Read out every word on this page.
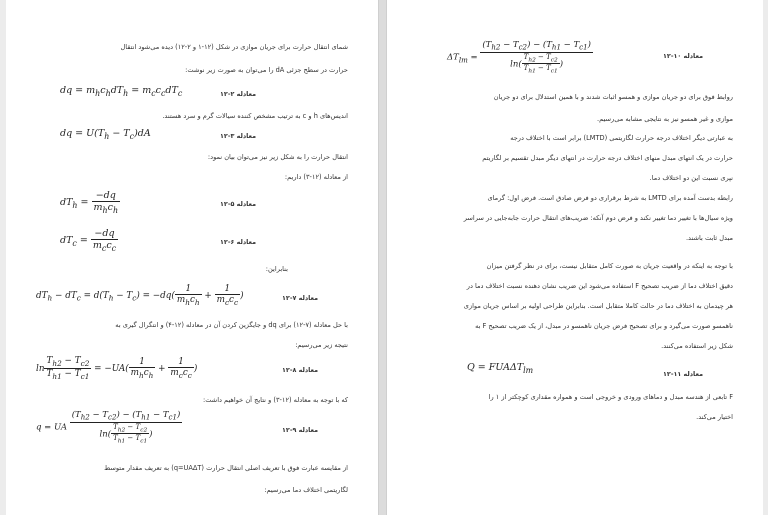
شمای انتقال حرارت برای جریان موازی در شکل (۱۲-۱ و ۲-۱۲) دیده می‌شود انتقال
حرارت در سطح جزئی dA را می‌توان به صورت زیر نوشت:
dq = $m_hc_hdT_h = m_cc_cdT_c$	معادله ۲-۱۲
اندیس‌های h و c به ترتیب مشخص کننده سیالات گرم و سرد هستند.
dq = $U(T_h - T_c)dA$	معادله ۳-۱۲
انتقال حرارت را به شکل زیر نیز می‌توان بیان نمود:
از معادله (۱۲-۳) داریم:
$dT_h = \frac{-dq}{m_hc_h}$	معادله ۵-۱۲
$dT_c = \frac{-dq}{m_cc_c}$	معادله ۶-۱۲
بنابراین:
$dT_h - dT_c = d(T_h - T_c) = -dq( \frac{1}{m_hc_h} + \frac{1}{m_cc_c}$ )	معادله ۷-۱۲
با حل معادله (۷-۱۲) برای dq و جایگزین کردن آن در معادله (۱۲-۴) و انتگرال گیری به
نتیجه زیر می‌رسیم:
$\ln \frac{T_{h2} - T_{c2}}{T_{h1} - T_{c1}} = -UA( \frac{1}{m_hc_h} + \frac{1}{m_cc_c}$ )	معادله ۸-۱۲
که با توجه به معادله (۱۲-۳) و نتایج آن خواهیم داشت:
q = UA $\frac{(T_{h2} - T_{c2}) - (T_{h1} - T_{c1})}{\ln( \frac{T_{h2} - T_{c2}}{T_{h1} - T_{c1}} )}$	معادله ۹-۱۲
از مقایسه عبارت فوق با تعریف اصلی انتقال حرارت (q=UAΔT) به تعریف مقدار متوسط
لگاریتمی اختلاف دما می‌رسیم:
$\Delta T_{lm} = \frac{(T_{h2} - T_{c2}) - (T_{h1} - T_{c1})}{\ln( \frac{T_{h2} - T_{c2}}{T_{h1} - T_{c1}} )}$	معادله ۱۰-۱۲
روابط فوق برای دو جریان موازی و همسو اثبات شدند و با همین استدلال برای دو جریان
موازی و غیر همسو نیز به نتایجی مشابه می‌رسیم.
به عبارتی دیگر اختلاف درجه حرارت لگاریتمی (LMTD) برابر است با اختلاف درجه
حرارت در یک انتهای مبدل منهای اختلاف درجه حرارت در انتهای دیگر مبدل تقسیم بر لگاریتم
نپری نسبت این دو اختلاف دما.
رابطه بدست آمده برای LMTD به شرط برقراری دو فرض صادق است. فرض اول: گرمای
ویژه سیال‌ها با تغییر دما تغییر نکند و فرض دوم آنکه: ضریب‌های انتقال حرارت جابه‌جایی در سراسر
مبدل ثابت باشند.
با توجه به اینکه در واقعیت جریان به صورت کامل متقابل نیست، برای در نظر گرفتن میزان
دقیق اختلاف دما از ضریب تصحیح F استفاده می‌شود این ضریب نشان دهنده نسبت اختلاف دما در
هر چیدمان به اختلاف دما در حالت کاملا متقابل است. بنابراین طراحی اولیه بر اساس جریان موازی
ناهمسو صورت می‌گیرد و برای تصحیح فرض جریان ناهمسو در مبدل، از یک ضریب تصحیح F به
شکل زیر استفاده می‌کنند.
$Q = FUA\Delta T_{lm}$	معادله ۱۱-۱۲
F تابعی از هندسه مبدل و دماهای ورودی و خروجی است و همواره مقداری کوچکتر از ۱ را
اختیار می‌کند.
